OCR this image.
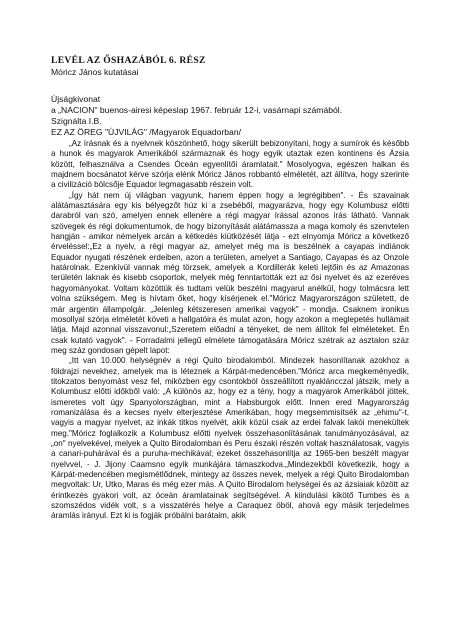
LEVÉL AZ ŐSHAZÁBÓL 6. RÉSZ
Móricz János kutatásai
Újságkivonat
a „NACION" buenos-airesi képeslap 1967. február 12-i, vasárnapi számából.
Szignálta I.B.
EZ AZ ÖREG "ÚJVILÁG" /Magyarok Equadorban/

„Az írásnak és a nyelvnek köszönhető, hogy sikerült bebizonyítani, hogy a sumírok és később a hunok és magyarok Amerikából származnak és hogy egyik utaztak ezen kontinens és Ázsia között, felhasználva a Csendes Óceán egyenlítői áramlatait." Mosolyogva, egészen halkan és majdnem bocsánatot kérve szórja elénk Móricz János robbantó elméletét, azt állítva, hogy szerinte a civilizáció bölcsője Equador legmagasabb részein volt.

„Így hát nem új világban vagyunk, hanem éppen hogy a legrégibben". - És szavainak alátámasztására egy kis bélyegzőt húz ki a zsebéből, magyarázva, hogy egy Kolumbusz előtti darabról van szó, amelyen ennek ellenére a régi magyar írással azonos írás látható. Vannak szövegek és régi dokumentumok, de hogy bizonyítását alátámassza a maga komoly és szenvtelen hangján - amikor némelyek arcán a kétkedés kiütközését látja - ezt elnyomja Móricz a következő érveléssel:„Ez a nyelv, a régi magyar az, amelyet még ma is beszélnek a cayapas indiánok Equador nyugati részének erdeiben, azon a területen, amelyet a Santiago, Cayapas és az Onzole határolnak. Ezenkívül vannak még törzsek, amelyek a Kordillerák keleti lejtőin és az Amazonas területén laknak és kisebb csoportok, melyek még fenntartották ezt az ősi nyelvet és az ezeréves hagyományokat. Voltam közöttük és tudtam velük beszélni magyarul anélkül, hogy tolmácsra lett volna szükségem. Meg is hívtam őket, hogy kísérjenek el."Móricz Magyarországon született, de már argentin állampolgár. „Jelenleg kétszeresen amerikai vagyok" - mondja. Csaknem ironikus mosollyal szórja elméletét követi a hallgatóira és mulat azon, hogy azokon a meglepetés hullámait látja. Majd azonnal visszavonul:„Szeretem előadni a tényeket, de nem állítok fel elméleteket. Én csak kutató vagyok". - Forradalmi jellegű elmélete támogatására Móricz szétrak az asztalon száz meg száz gondosan gépelt lapot:

„Itt van 10.000 helységnév a régi Quito birodalomból. Mindezek hasonlítanak azokhoz a földrajzi nevekhez, amelyek ma is léteznek a Kárpát-medencében."Móricz arca megkeményedik, titokzatos benyomást vesz fel, miközben egy csontokból összeállított nyakláncczal játszik, mely a Kolumbusz előtti időkből való: „A különös az, hogy ez a tény, hogy a magyarok Amerikából jöttek, ismeretes volt úgy Spanyolországban, mint a Habsburgok előtt. Innen ered Magyarország romanizálása és a kecses nyelv elterjesztése Amerikában, hogy megsemmisítsék az „ehimu"-t, vagyis a magyar nyelvet, az inkák titkos nyelvét, akik közül csak az erdei falvak lakói menekültek meg."Móricz foglalkozik a Kolumbusz előtti nyelvek összehasonlításának tanulmányozásával, az „on" nyelvekével, melyek a Quito Birodalomban és Peru északi részén voltak használatosak, vagyis a canari-puhárával és a puruha-mechikával; ezeket összehasonlítja az 1965-ben beszélt magyar nyelvvel, - J. Jijony Caamsno egyik munkájára támaszkodva.„Mindezekből következik, hogy a Kárpát-medencében megismétlődnek, mintegy az összes nevek, melyek a régi Quito Birodalomban megvoltak: Ur, Utko, Maras és még ezer más. A Quito Birodalom helységei és az ázsiaiak között az érintkezés gyakori volt, az óceán áramlatainak segítségével. A kiindulási kikötő Tumbes és a szomszédos vidék volt, s a visszatérés helye a Caraquez öböl, ahová egy másik terjedelmes áramlás irányul. Ezt ki is fogják próbálni barátaim, akik
